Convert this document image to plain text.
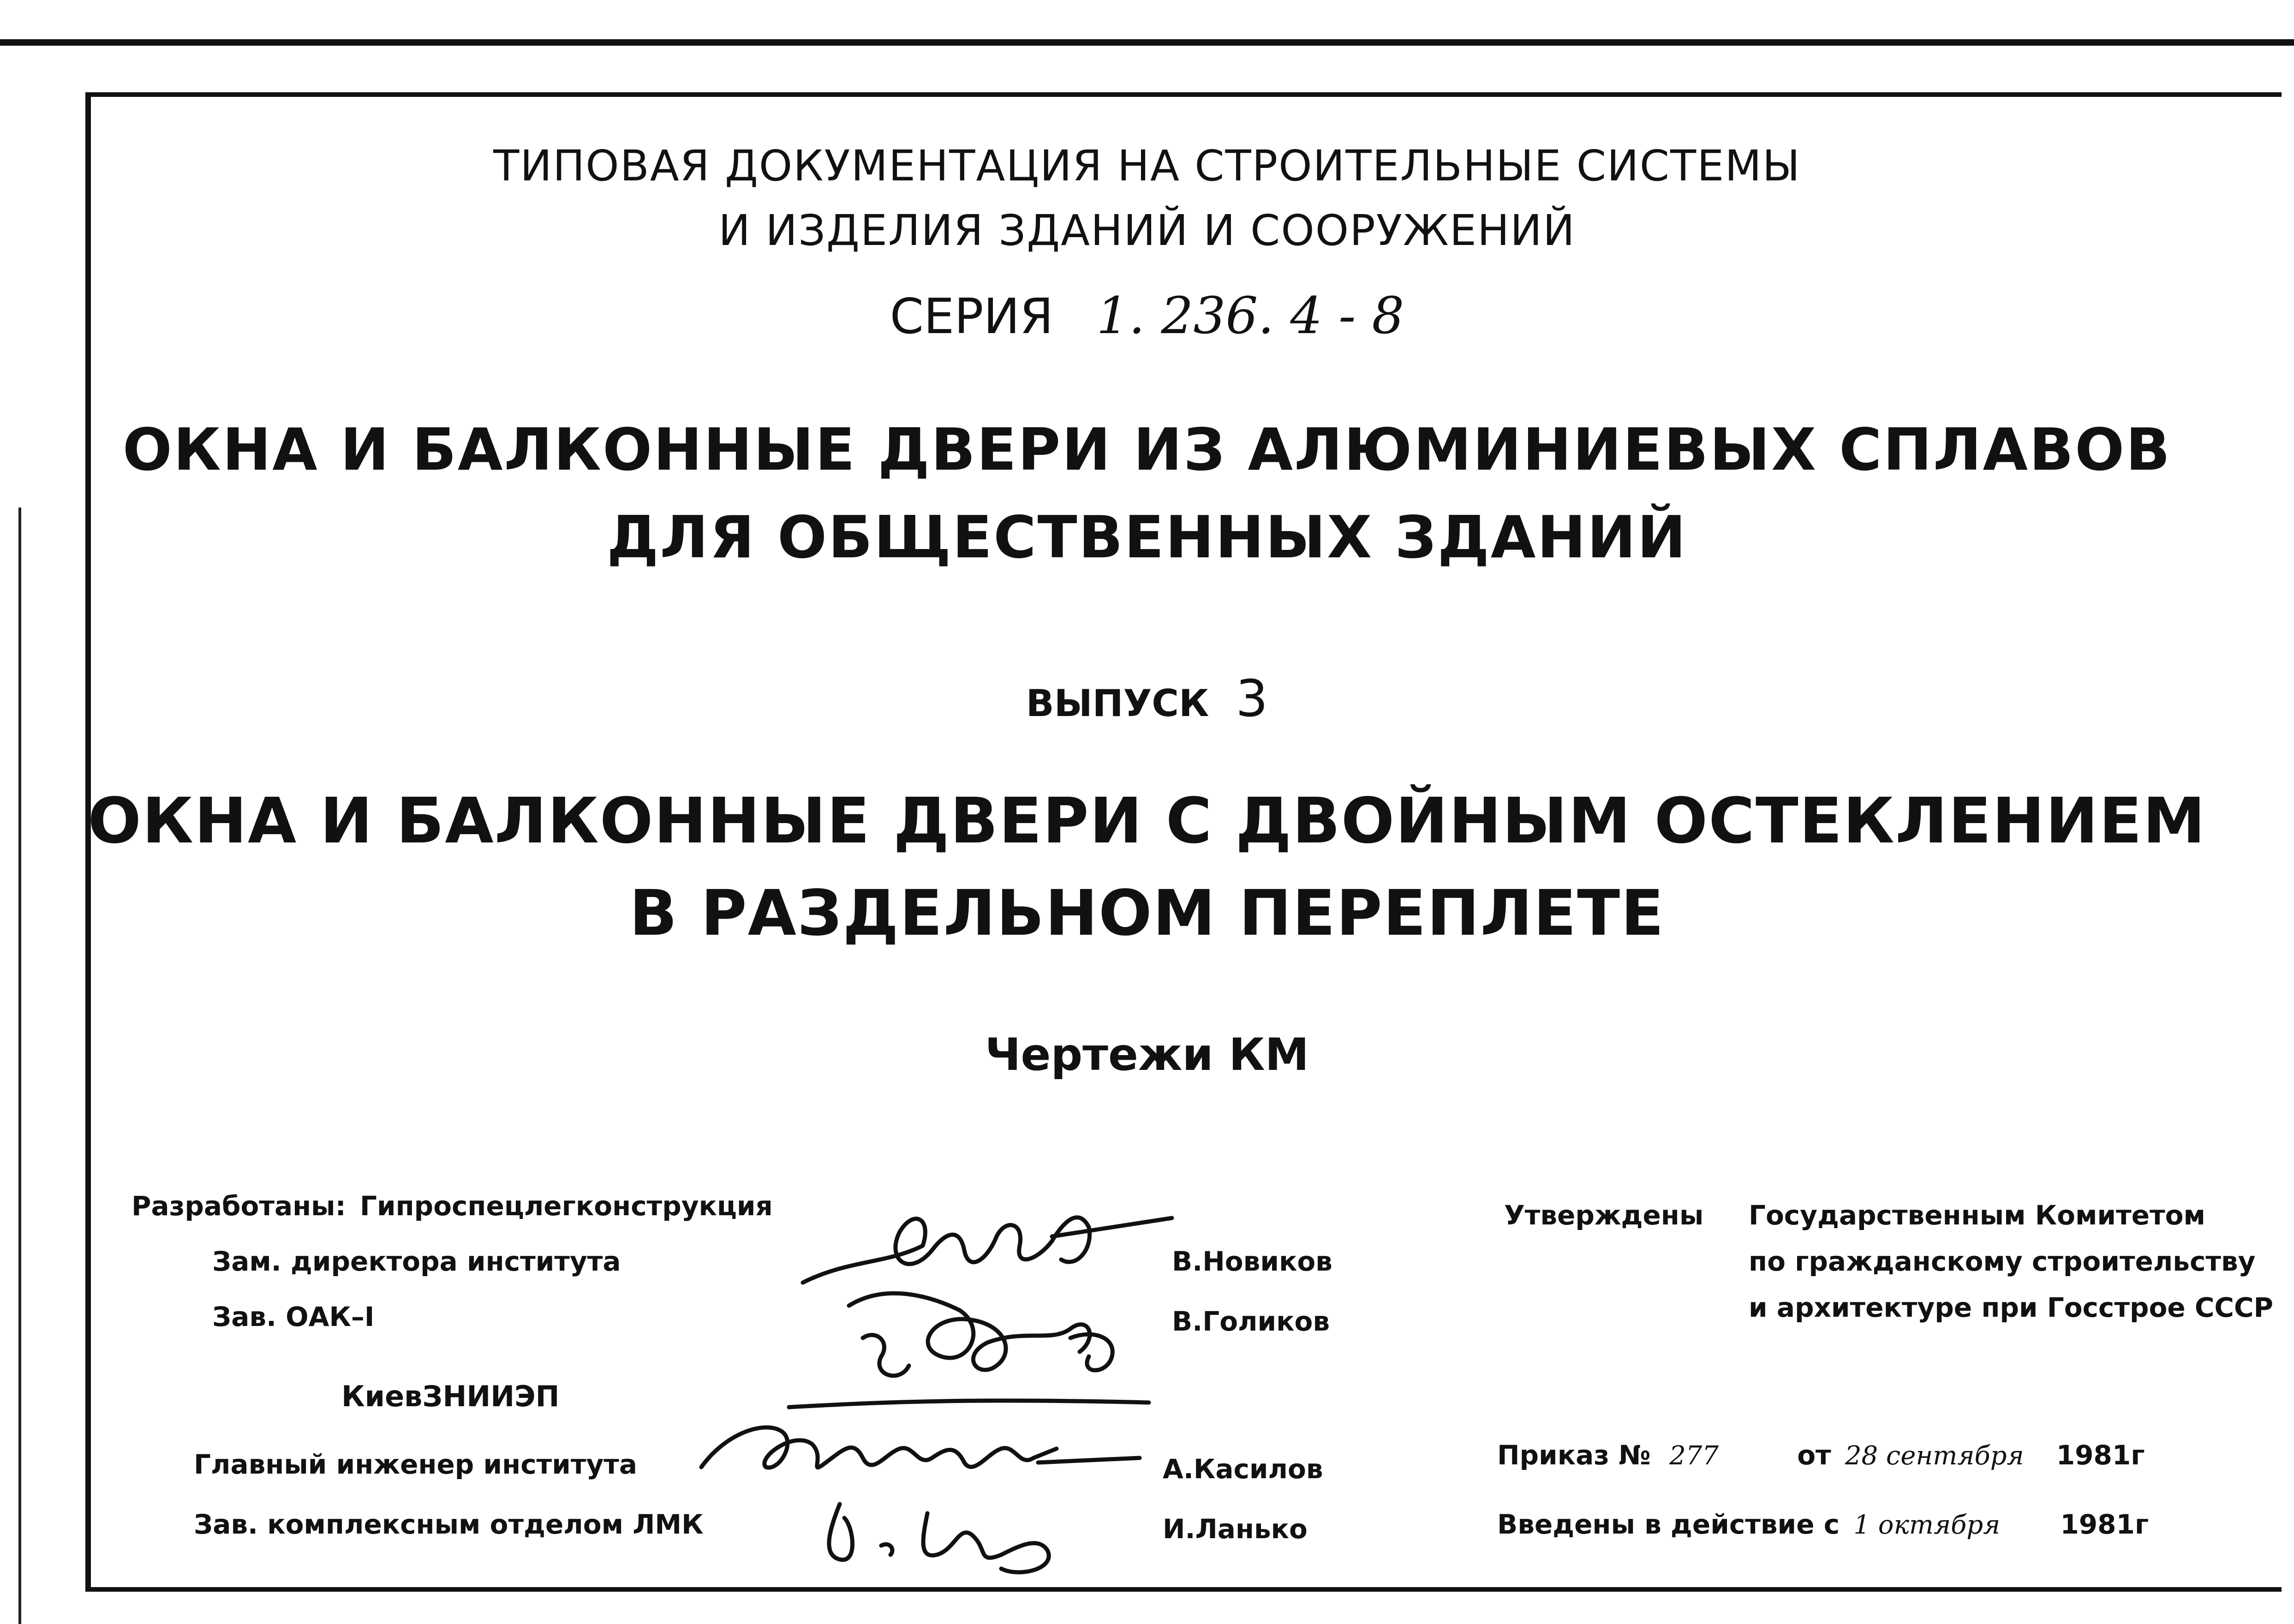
ТИПОВАЯ ДОКУМЕНТАЦИЯ НА СТРОИТЕЛЬНЫЕ СИСТЕМЫ
И ИЗДЕЛИЯ ЗДАНИЙ И СООРУЖЕНИЙ
СЕРИЯ 1. 236. 4 - 8
ОКНА И БАЛКОННЫЕ ДВЕРИ ИЗ АЛЮМИНИЕВЫХ СПЛАВОВ
ДЛЯ ОБЩЕСТВЕННЫХ ЗДАНИЙ
ВЫПУСК 3
ОКНА И БАЛКОННЫЕ ДВЕРИ С ДВОЙНЫМ ОСТЕКЛЕНИЕМ
В РАЗДЕЛЬНОМ ПЕРЕПЛЕТЕ
Чертежи КМ
Разработаны: Гипроспецлегконструкция
Зам. директора института
Зав. ОАК–І
В.Новиков
В.Голиков
КиевЗНИИЭП
Главный инженер института
Зав. комплексным отделом ЛМК
А.Касилов
И.Ланько
Утверждены Государственным Комитетом
по гражданскому строительству
и архитектуре при Госстрое СССР
Приказ № 277	от 28 сентября 1981г
Введены в действие с 1 октября 1981г
